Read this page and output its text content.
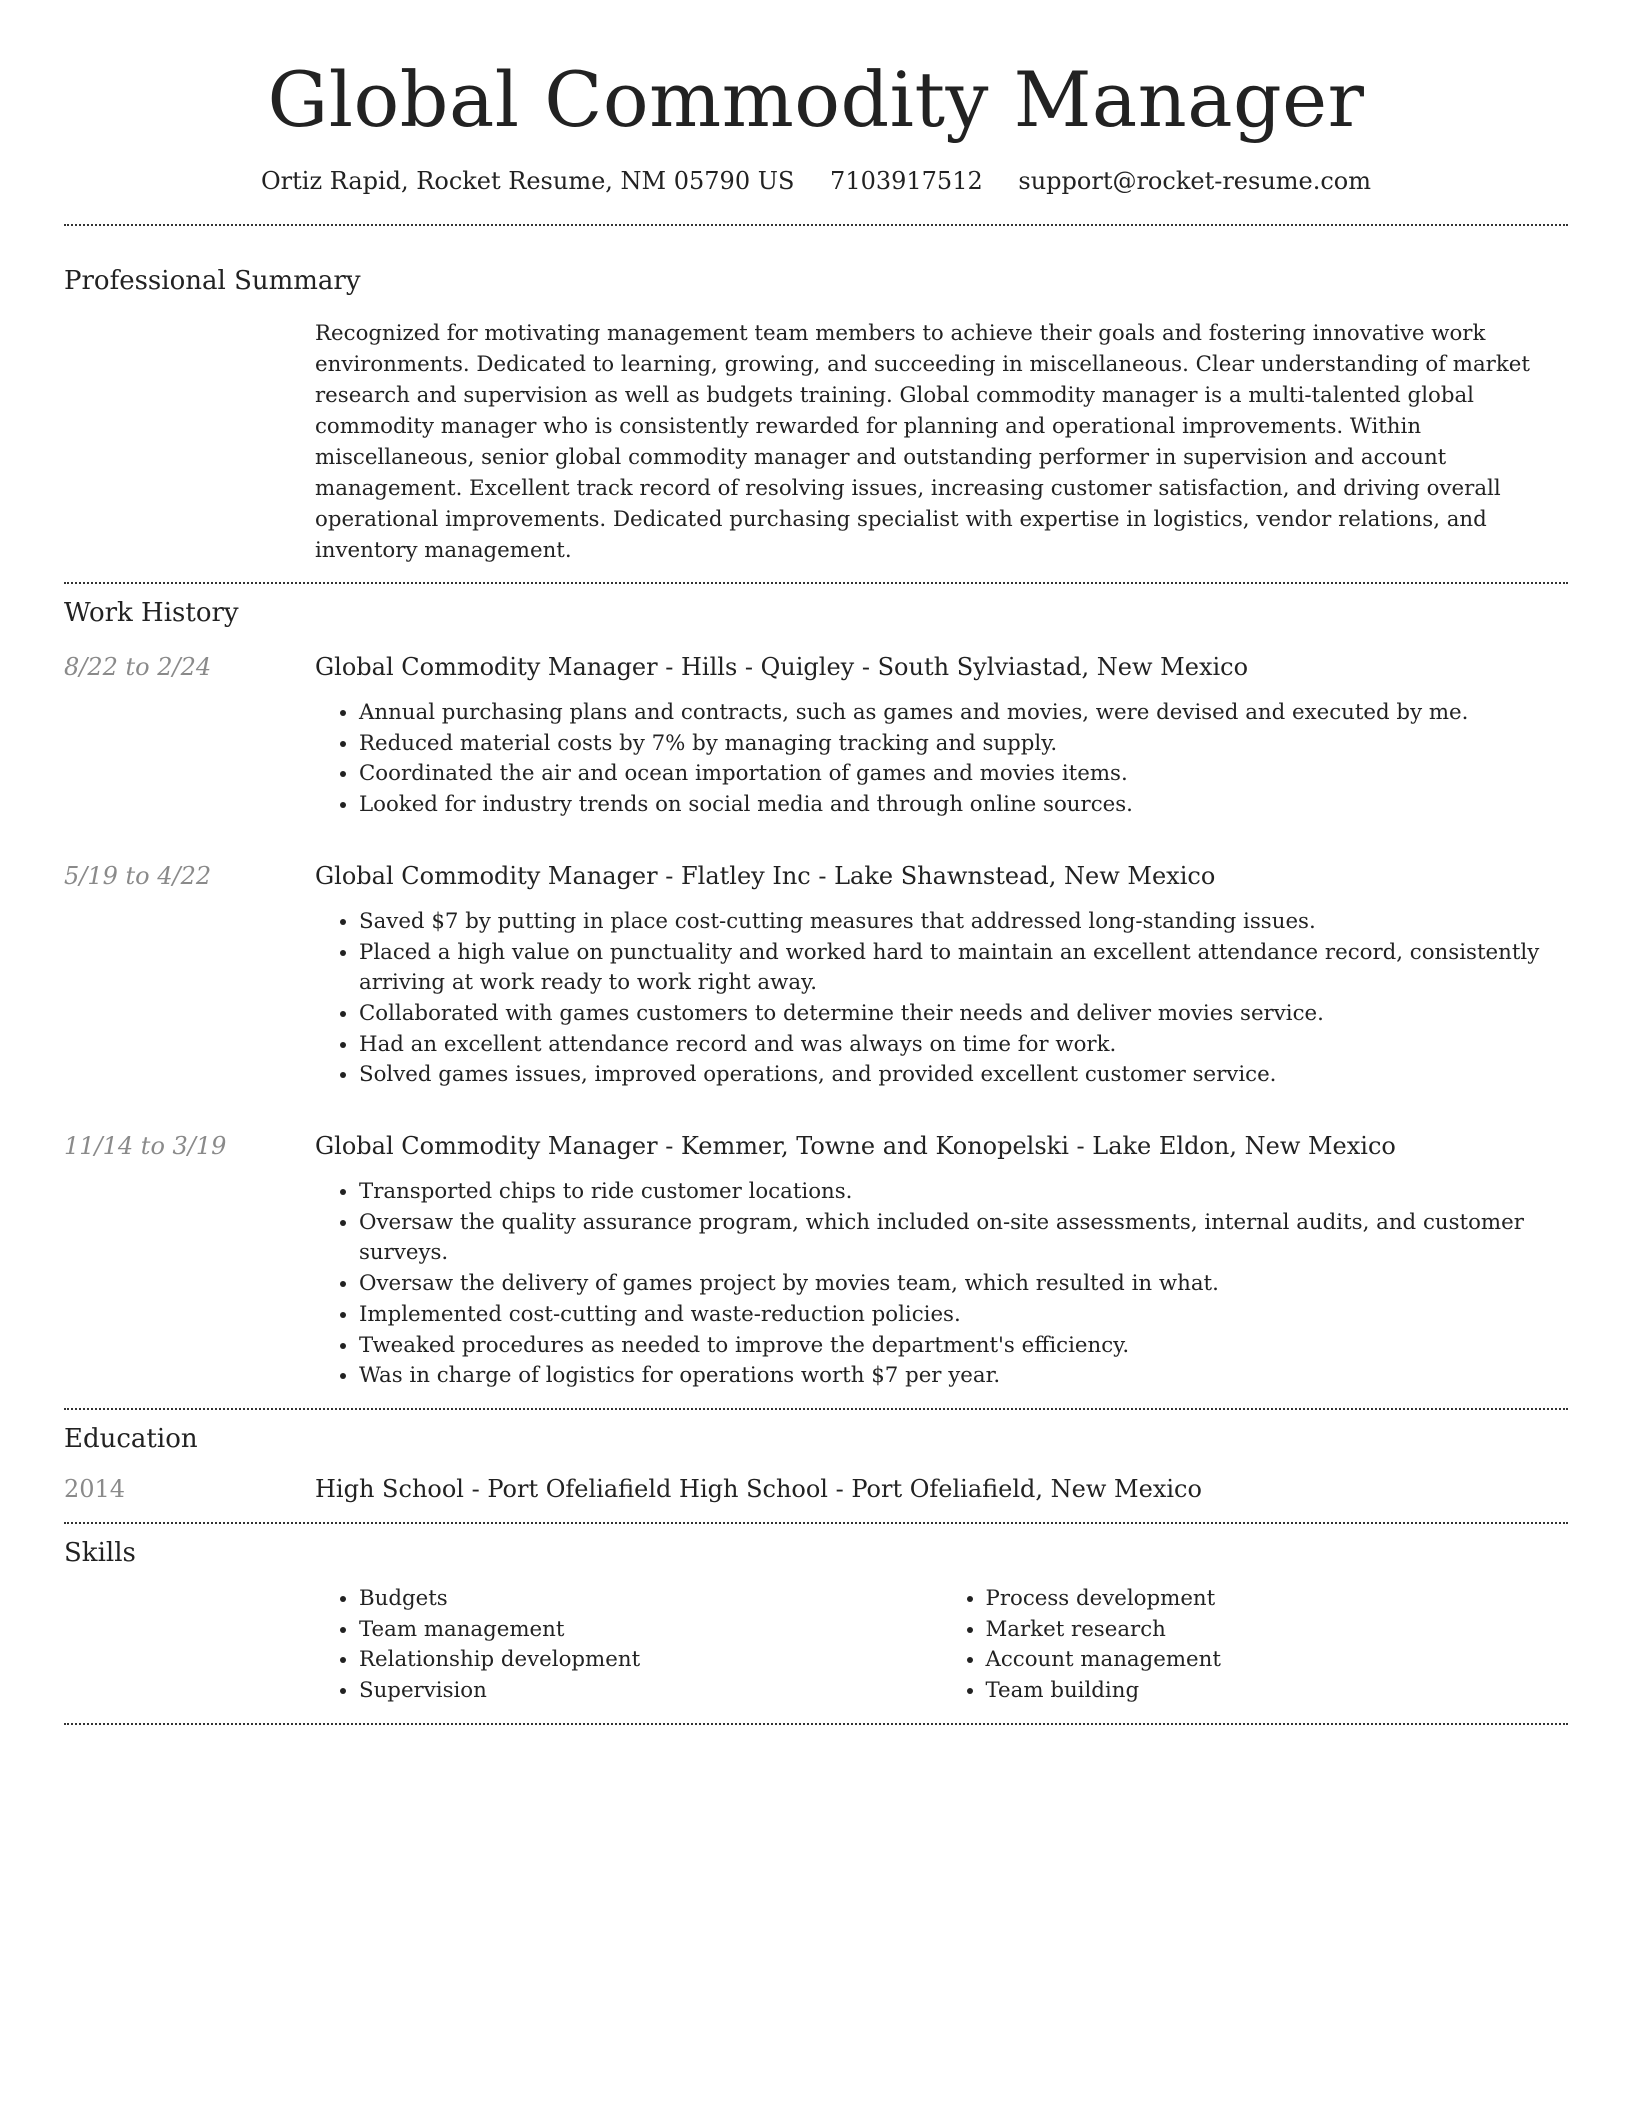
Global Commodity Manager
Ortiz Rapid, Rocket Resume, NM 05790 US 7103917512 support@rocket-resume.com
Professional Summary

Recognized for motivating management team members to achieve their goals and fostering innovative work environments. Dedicated to learning, growing, and succeeding in miscellaneous. Clear understanding of market research and supervision as well as budgets training. Global commodity manager is a multi-talented global commodity manager who is consistently rewarded for planning and operational improvements. Within miscellaneous, senior global commodity manager and outstanding performer in supervision and account management. Excellent track record of resolving issues, increasing customer satisfaction, and driving overall operational improvements. Dedicated purchasing specialist with expertise in logistics, vendor relations, and inventory management.

Work History
8/22 to 2/24	Global Commodity Manager - Hills - Quigley - South Sylviastad, New Mexico
• Annual purchasing plans and contracts, such as games and movies, were devised and executed by me.
• Reduced material costs by 7% by managing tracking and supply.
• Coordinated the air and ocean importation of games and movies items.
• Looked for industry trends on social media and through online sources.
5/19 to 4/22	Global Commodity Manager - Flatley Inc - Lake Shawnstead, New Mexico
• Saved $7 by putting in place cost-cutting measures that addressed long-standing issues.
• Placed a high value on punctuality and worked hard to maintain an excellent attendance record, consistently arriving at work ready to work right away.
• Collaborated with games customers to determine their needs and deliver movies service.
• Had an excellent attendance record and was always on time for work.
• Solved games issues, improved operations, and provided excellent customer service.
11/14 to 3/19	Global Commodity Manager - Kemmer, Towne and Konopelski - Lake Eldon, New Mexico
• Transported chips to ride customer locations.
• Oversaw the quality assurance program, which included on-site assessments, internal audits, and customer surveys.
• Oversaw the delivery of games project by movies team, which resulted in what.
• Implemented cost-cutting and waste-reduction policies.
• Tweaked procedures as needed to improve the department's efficiency.
• Was in charge of logistics for operations worth $7 per year.
Education
2014	High School - Port Ofeliafield High School - Port Ofeliafield, New Mexico
Skills
• Budgets
• Team management
• Relationship development
• Supervision
• Process development
• Market research
• Account management
• Team building
